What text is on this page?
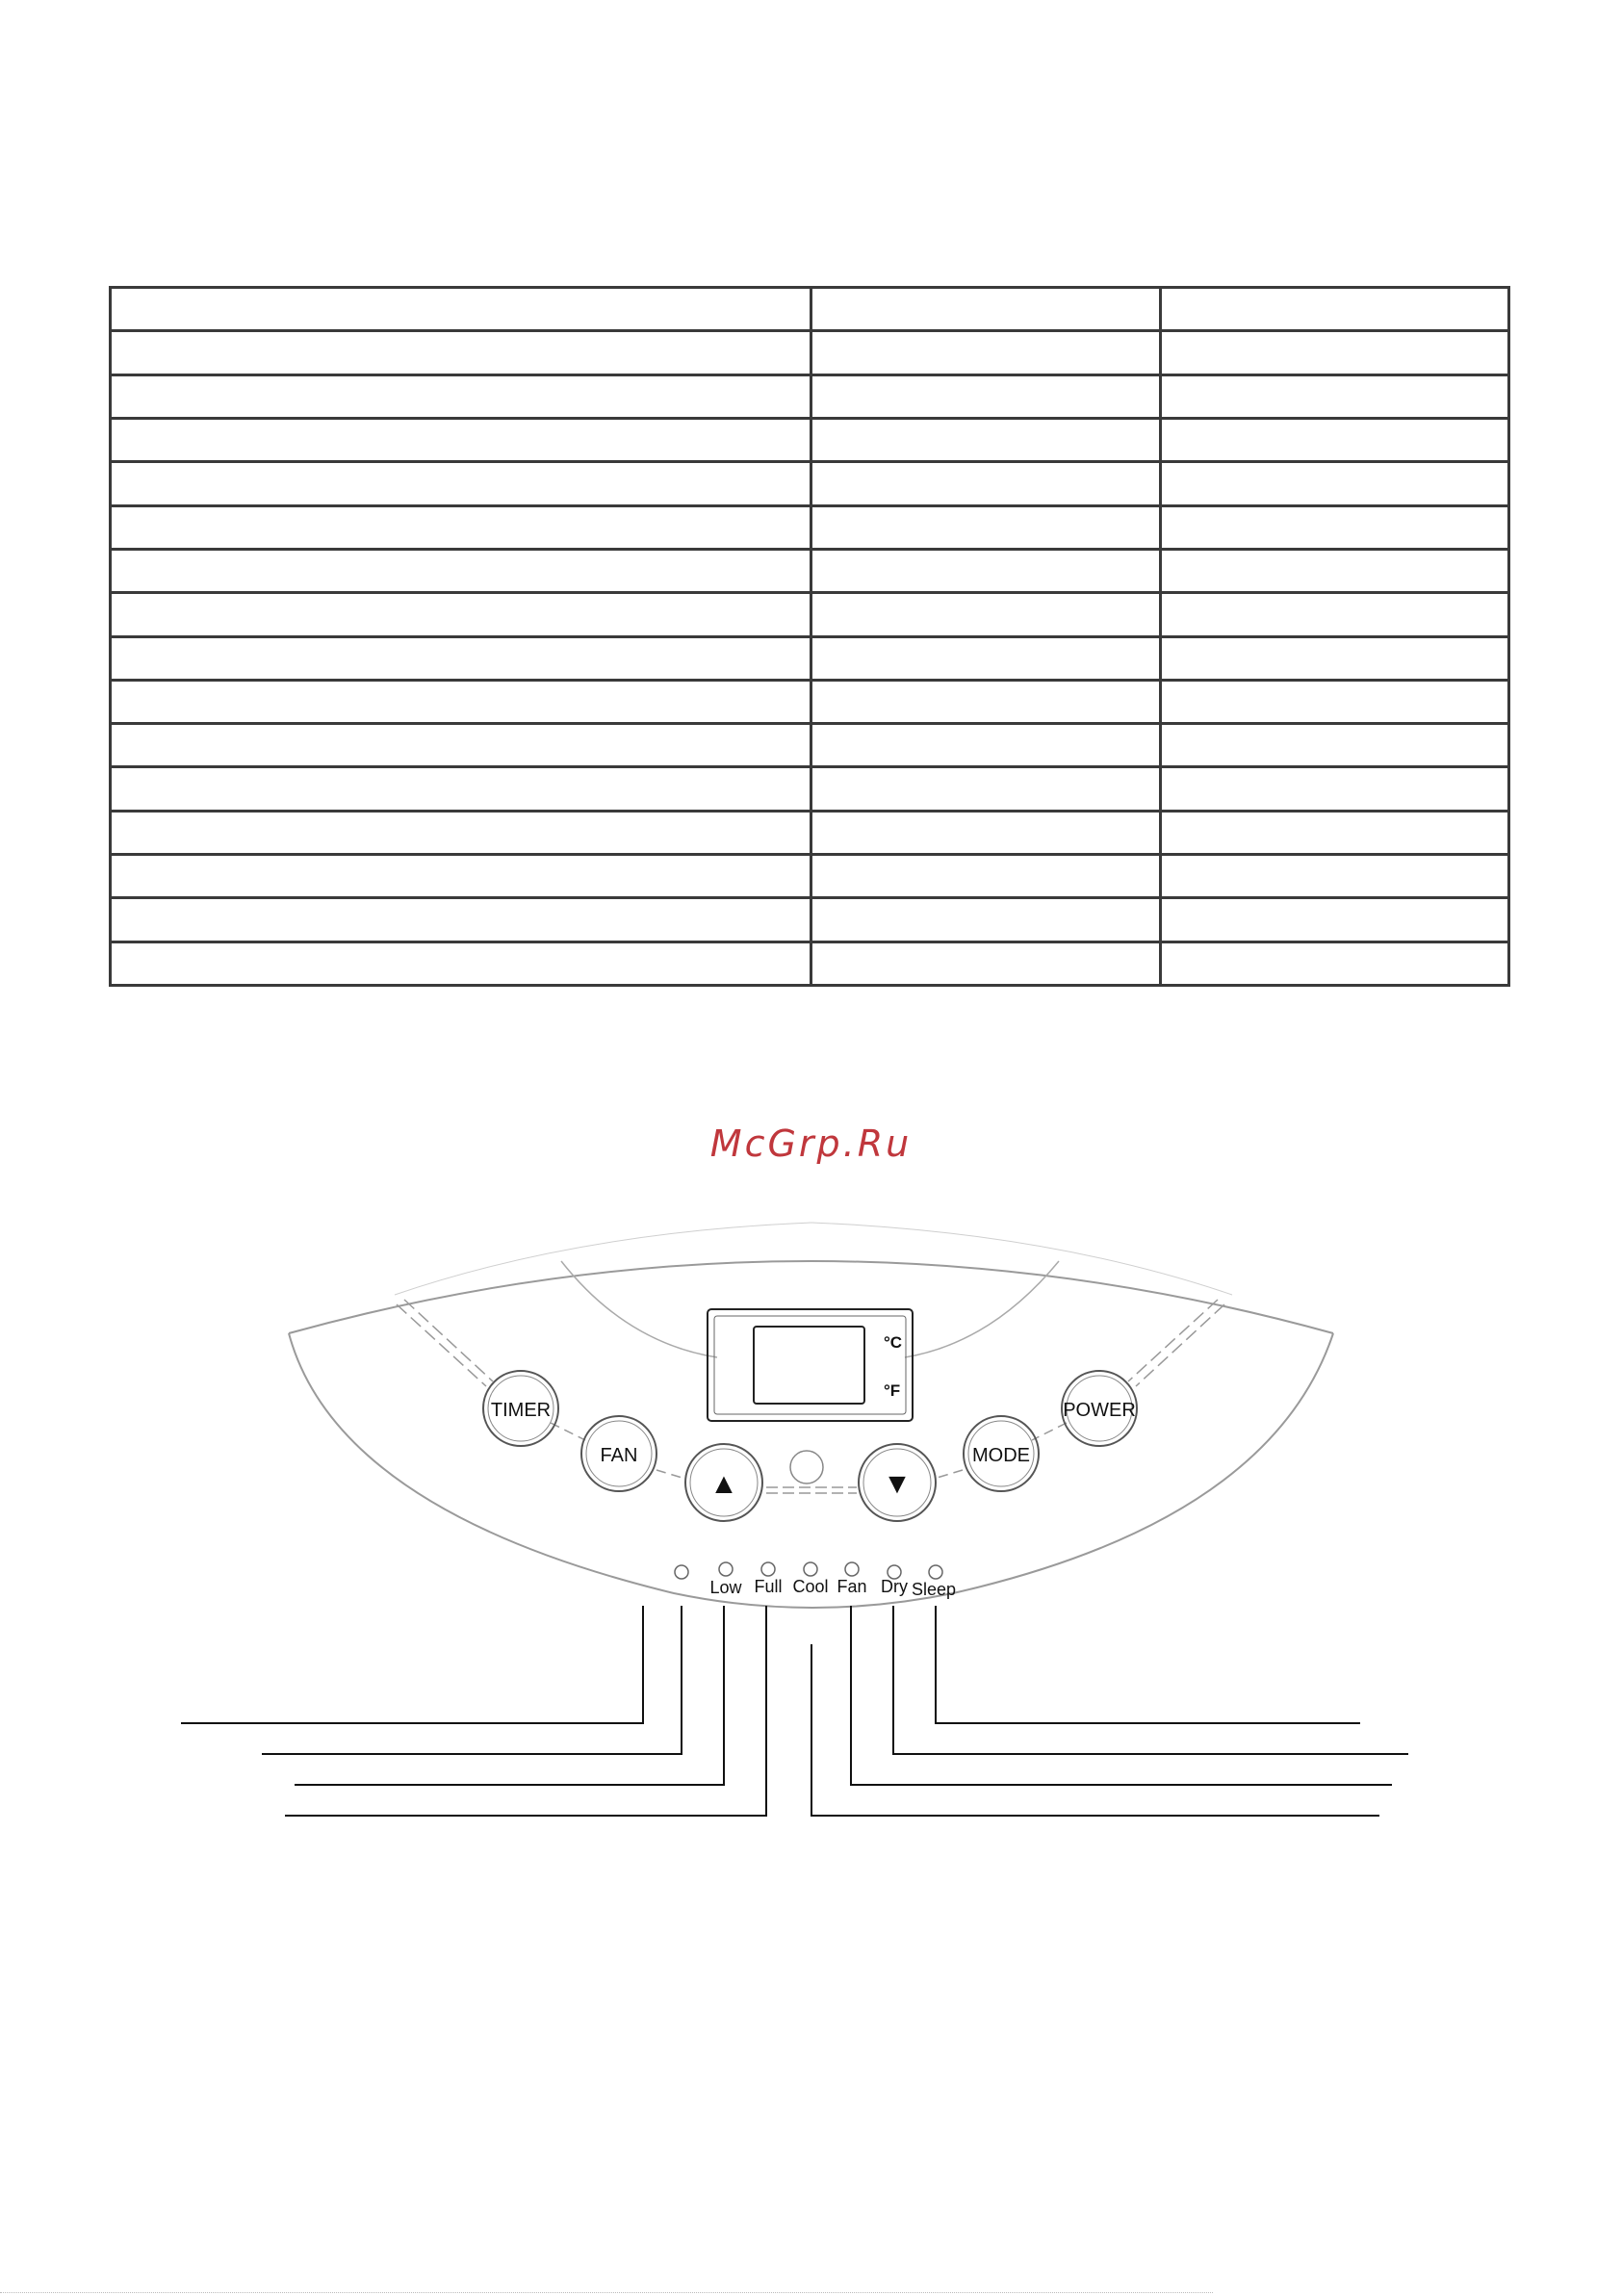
McGrp.Ru
°C
°F
TIMER
FAN
▲	▼
MODE
POWER
Low Full Cool Fan Dry Sleep
